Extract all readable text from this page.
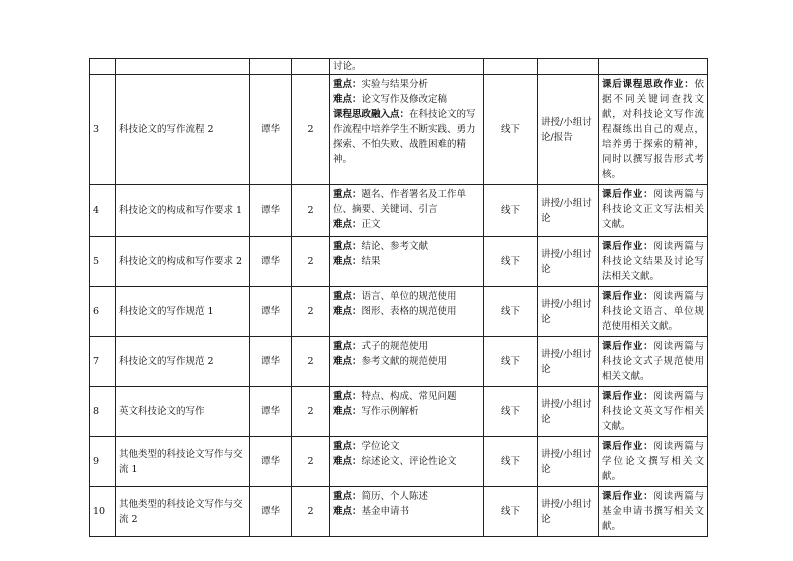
				讨论。			
3	科技论文的写作流程 2	谭华	2	重点：实验与结果分析
难点：论文写作及修改定稿
课程思政融入点：在科技论文的写作流程中培养学生不断实践、勇力探索、不怕失败、战胜困难的精神。	线下	讲授/小组讨论/报告	课后课程思政作业：依据不同关键词查找文献，对科技论文写作流程凝练出自己的观点，培养勇于探索的精神，同时以撰写报告形式考核。
4	科技论文的构成和写作要求 1	谭华	2	重点：题名、作者署名及工作单位、摘要、关键词、引言
难点：正文	线下	讲授/小组讨论	课后作业：阅读两篇与科技论文正文写法相关文献。
5	科技论文的构成和写作要求 2	谭华	2	重点：结论、参考文献
难点：结果	线下	讲授/小组讨论	课后作业：阅读两篇与科技论文结果及讨论写法相关文献。
6	科技论文的写作规范 1	谭华	2	重点：语言、单位的规范使用
难点：图形、表格的规范使用	线下	讲授/小组讨论	课后作业：阅读两篇与科技论文语言、单位规范使用相关文献。
7	科技论文的写作规范 2	谭华	2	重点：式子的规范使用
难点：参考文献的规范使用	线下	讲授/小组讨论	课后作业：阅读两篇与科技论文式子规范使用相关文献。
8	英文科技论文的写作	谭华	2	重点：特点、构成、常见问题
难点：写作示例解析	线下	讲授/小组讨论	课后作业：阅读两篇与科技论文英文写作相关文献。
9	其他类型的科技论文写作与交流 1	谭华	2	重点：学位论文
难点：综述论文、评论性论文	线下	讲授/小组讨论	课后作业：阅读两篇与学位论文撰写相关文献。
10	其他类型的科技论文写作与交流 2	谭华	2	重点：简历、个人陈述
难点：基金申请书	线下	讲授/小组讨论	课后作业：阅读两篇与基金申请书撰写相关文献。
